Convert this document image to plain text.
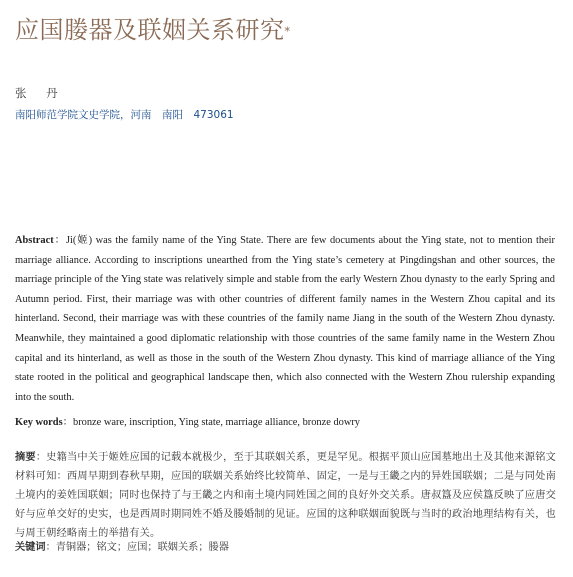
应国媵器及联姻关系研究*
张 丹
南阳师范学院文史学院，河南　南阳　473061
Abstract：Ji(姬) was the family name of the Ying State. There are few documents about the Ying state, not to mention their marriage alliance. According to inscriptions unearthed from the Ying state’s cemetery at Pingdingshan and other sources, the marriage principle of the Ying state was relatively simple and stable from the early Western Zhou dynasty to the early Spring and Autumn period. First, their marriage was with other countries of different family names in the Western Zhou capital and its hinterland. Second, their marriage was with these countries of the family name Jiang in the south of the Western Zhou dynasty. Meanwhile, they maintained a good diplomatic relationship with those countries of the same family name in the Western Zhou capital and its hinterland, as well as those in the south of the Western Zhou dynasty. This kind of marriage alliance of the Ying state rooted in the political and geographical landscape then, which also connected with the Western Zhou rulership expanding into the south.
Key words：bronze ware, inscription, Ying state, marriage alliance, bronze dowry
摘要：史籍当中关于姬姓应国的记载本就极少，至于其联姻关系，更是罕见。根据平顶山应国墓地出土及其他来源铭文材料可知：西周早期到春秋早期，应国的联姻关系始终比较简单、固定，一是与王畿之内的异姓国联姻；二是与同处南土境内的姜姓国联姻；同时也保持了与王畿之内和南土境内同姓国之间的良好外交关系。唐叔簋及应侯簋反映了应唐交好与应单交好的史实，也是西周时期同姓不婚及媵婚制的见证。应国的这种联姻面貌既与当时的政治地理结构有关，也与周王朝经略南土的举措有关。
关键词：青铜器；铭文；应国；联姻关系；媵器
